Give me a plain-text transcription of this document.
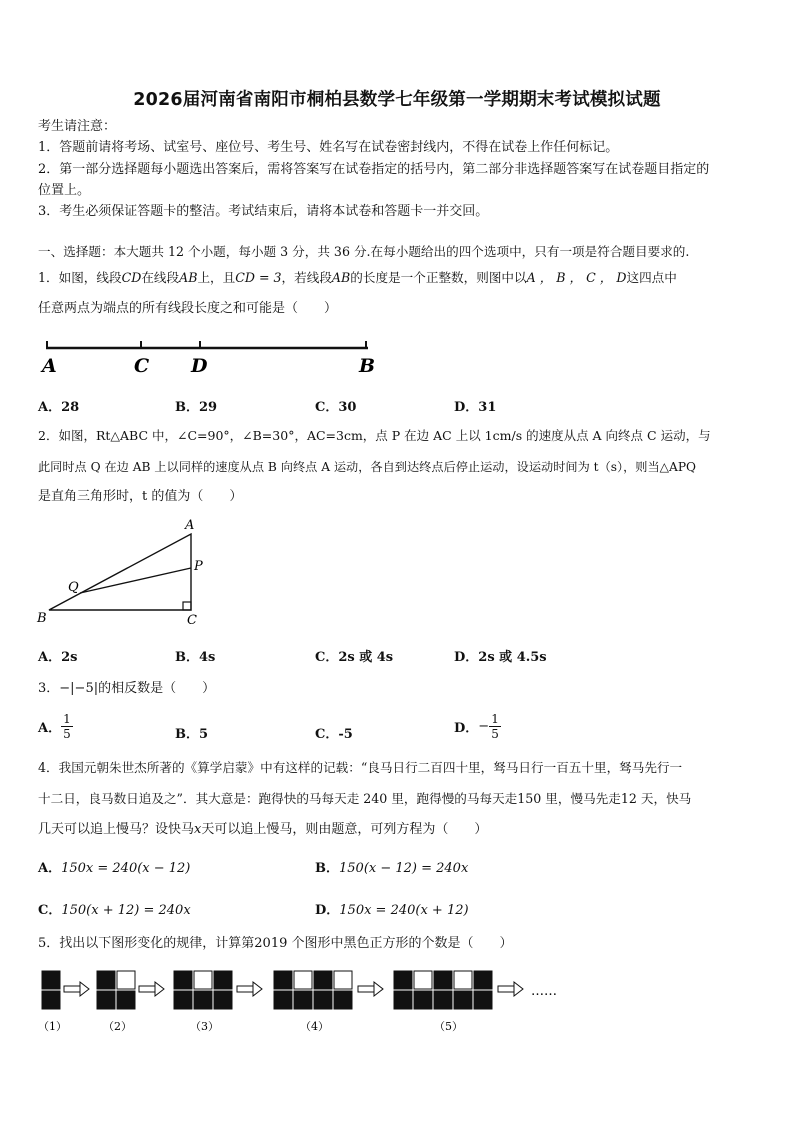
2026届河南省南阳市桐柏县数学七年级第一学期期末考试模拟试题
考生请注意：
1．答题前请将考场、试室号、座位号、考生号、姓名写在试卷密封线内，不得在试卷上作任何标记。
2．第一部分选择题每小题选出答案后，需将答案写在试卷指定的括号内，第二部分非选择题答案写在试卷题目指定的
位置上。
3．考生必须保证答题卡的整洁。考试结束后，请将本试卷和答题卡一并交回。
一、选择题：本大题共 12 个小题，每小题 3 分，共 36 分.在每小题给出的四个选项中，只有一项是符合题目要求的.
1．如图，线段CD在线段AB上，且CD = 3，若线段AB的长度是一个正整数，则图中以A ， B ， C ， D这四点中
任意两点为端点的所有线段长度之和可能是（　　）
A	C D	B
A．28	B．29	C．30	D．31
2．如图，Rt△ABC 中，∠C=90°，∠B=30°，AC=3cm，点 P 在边 AC 上以 1cm/s 的速度从点 A 向终点 C 运动，与
此同时点 Q 在边 AB 上以同样的速度从点 B 向终点 A 运动，各自到达终点后停止运动，设运动时间为 t（s），则当△APQ
是直角三角形时，t 的值为（　　）
A
P
Q
B	C
A．2s	B．4s	C．2s 或 4s	D．2s 或 4.5s
3．−|−5|的相反数是（　　）
A． $\frac{1}{5}$	B．5	C．-5	D．− $\frac{1}{5}$
4．我国元朝朱世杰所著的《算学启蒙》中有这样的记载：“良马日行二百四十里，驽马日行一百五十里，驽马先行一
十二日，良马数日追及之”．其大意是：跑得快的马每天走 240 里，跑得慢的马每天走150 里，慢马先走12 天，快马
几天可以追上慢马？设快马x天可以追上慢马，则由题意，可列方程为（　　）
A．150x = 240(x − 12)	B．150(x − 12) = 240x
C．150(x + 12) = 240x	D．150x = 240(x + 12)
5．找出以下图形变化的规律，计算第2019 个图形中黑色正方形的个数是（　　）
……
（1）	（2）	（3）	（4）	（5）
